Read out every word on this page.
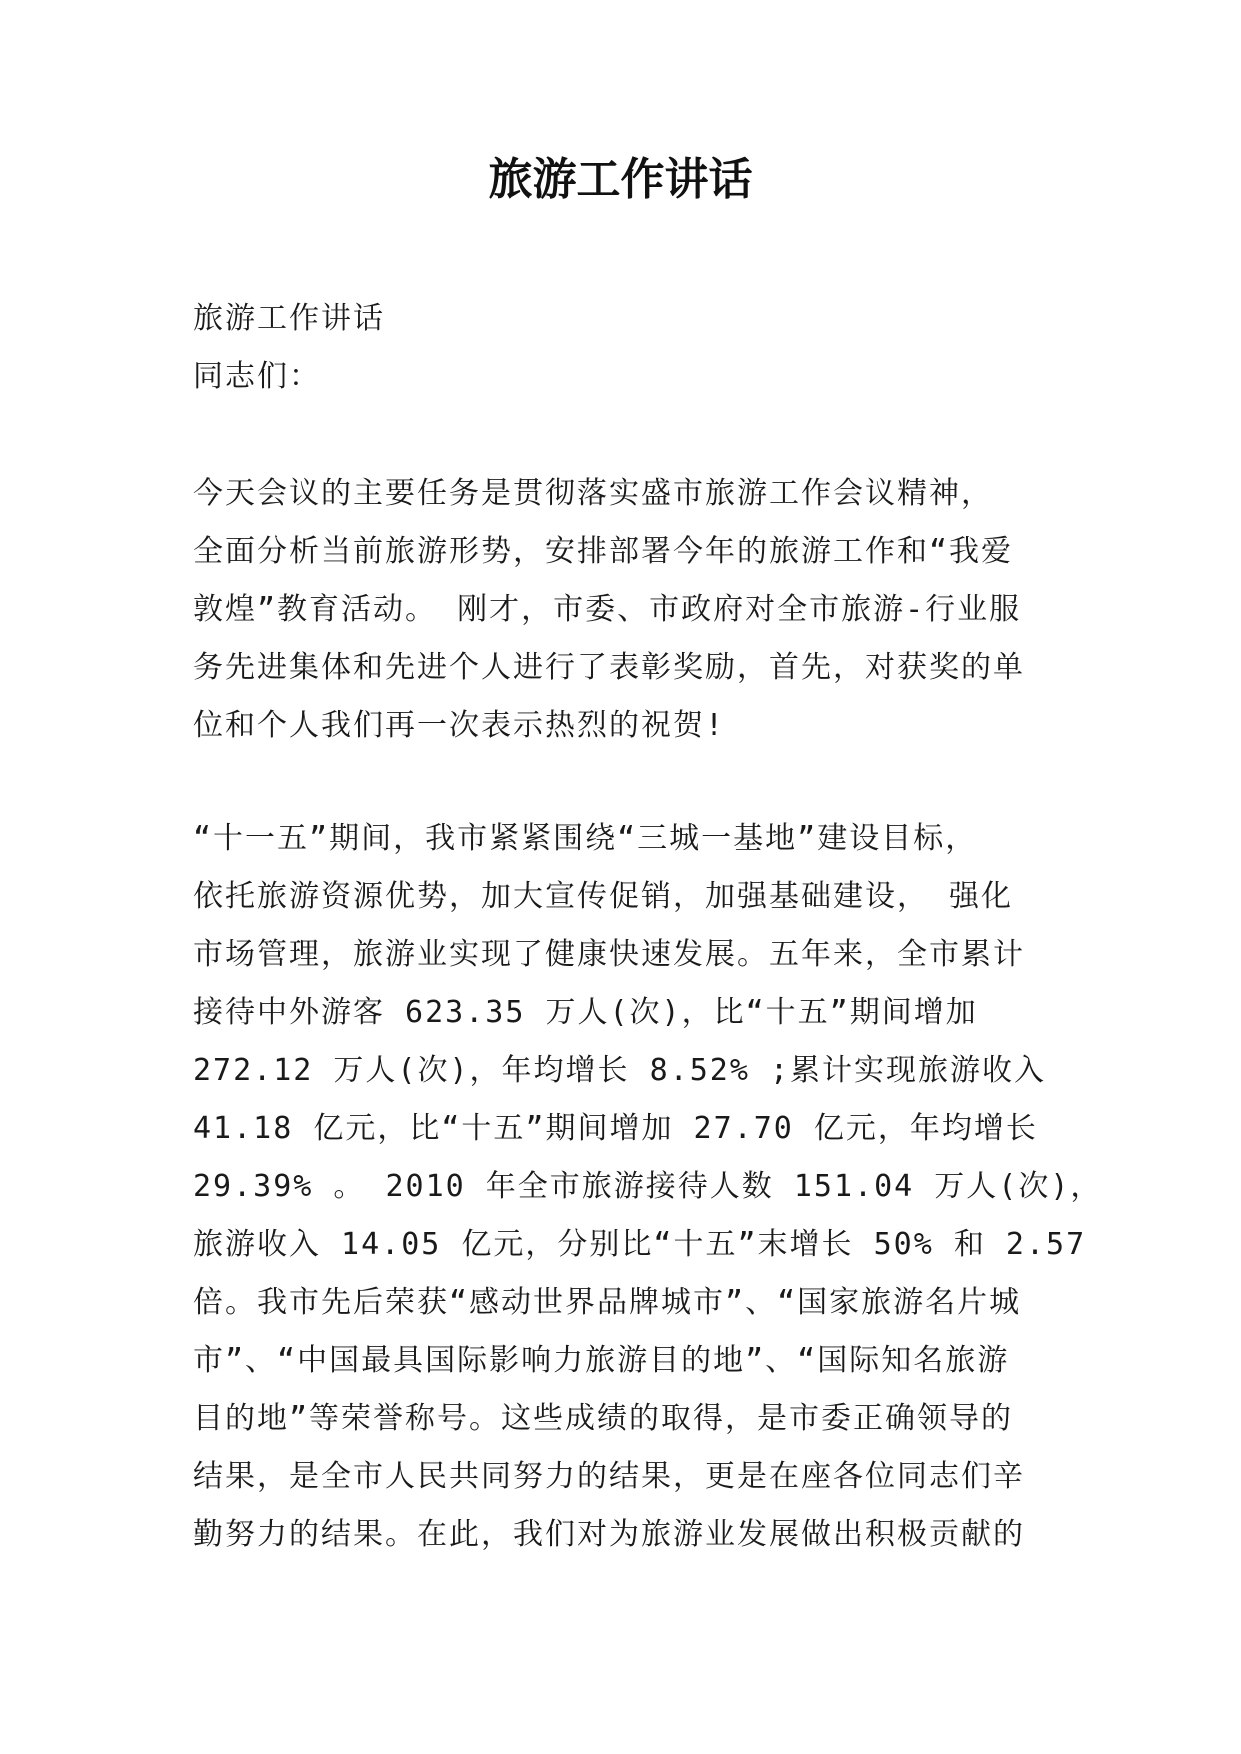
旅游工作讲话
旅游工作讲话
同志们：
今天会议的主要任务是贯彻落实盛市旅游工作会议精神，
全面分析当前旅游形势，安排部署今年的旅游工作和“我爱
敦煌”教育活动。 刚才，市委、市政府对全市旅游-行业服
务先进集体和先进个人进行了表彰奖励，首先，对获奖的单
位和个人我们再一次表示热烈的祝贺!
“十一五”期间，我市紧紧围绕“三城一基地”建设目标，
依托旅游资源优势，加大宣传促销，加强基础建设， 强化
市场管理，旅游业实现了健康快速发展。五年来，全市累计
接待中外游客 623.35 万人(次)，比“十五”期间增加
272.12 万人(次)，年均增长 8.52% ;累计实现旅游收入
41.18 亿元，比“十五”期间增加 27.70 亿元，年均增长
29.39% 。 2010 年全市旅游接待人数 151.04 万人(次)，
旅游收入 14.05 亿元，分别比“十五”末增长 50% 和 2.57
倍。我市先后荣获“感动世界品牌城市”、“国家旅游名片城
市”、“中国最具国际影响力旅游目的地”、“国际知名旅游
目的地”等荣誉称号。这些成绩的取得，是市委正确领导的
结果，是全市人民共同努力的结果，更是在座各位同志们辛
勤努力的结果。在此，我们对为旅游业发展做出积极贡献的
